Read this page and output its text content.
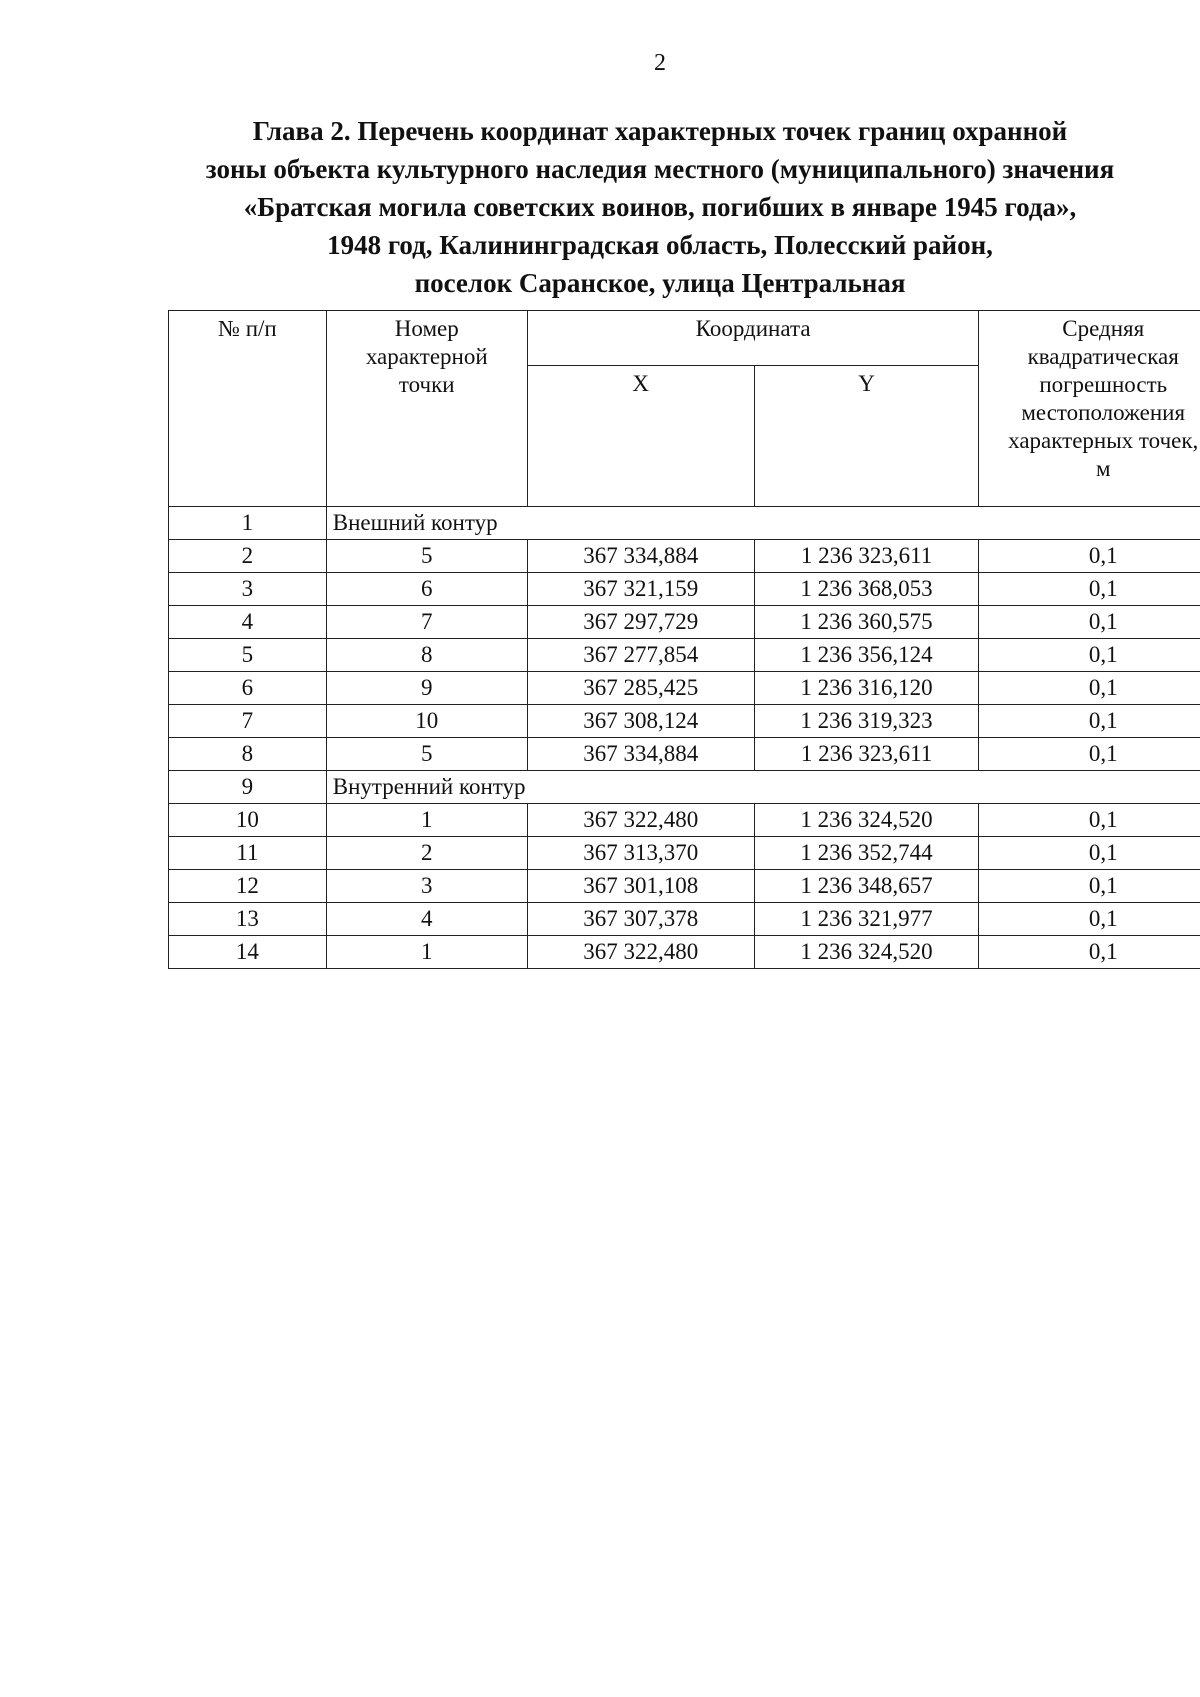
2
Глава 2. Перечень координат характерных точек границ охранной
зоны объекта культурного наследия местного (муниципального) значения
«Братская могила советских воинов, погибших в январе 1945 года»,
1948 год, Калининградская область, Полесский район,
поселок Саранское, улица Центральная
№ п/п	Номер характерной точки	Координата		Средняя квадратическая погрешность местоположения характерных точек, м

		X	Y	
1	Внешний контур			
2	5	367 334,884	1 236 323,611	0,1
3	6	367 321,159	1 236 368,053	0,1
4	7	367 297,729	1 236 360,575	0,1
5	8	367 277,854	1 236 356,124	0,1
6	9	367 285,425	1 236 316,120	0,1
7	10	367 308,124	1 236 319,323	0,1
8	5	367 334,884	1 236 323,611	0,1
9	Внутренний контур			
10	1	367 322,480	1 236 324,520	0,1
11	2	367 313,370	1 236 352,744	0,1
12	3	367 301,108	1 236 348,657	0,1
13	4	367 307,378	1 236 321,977	0,1
14	1	367 322,480	1 236 324,520	0,1
